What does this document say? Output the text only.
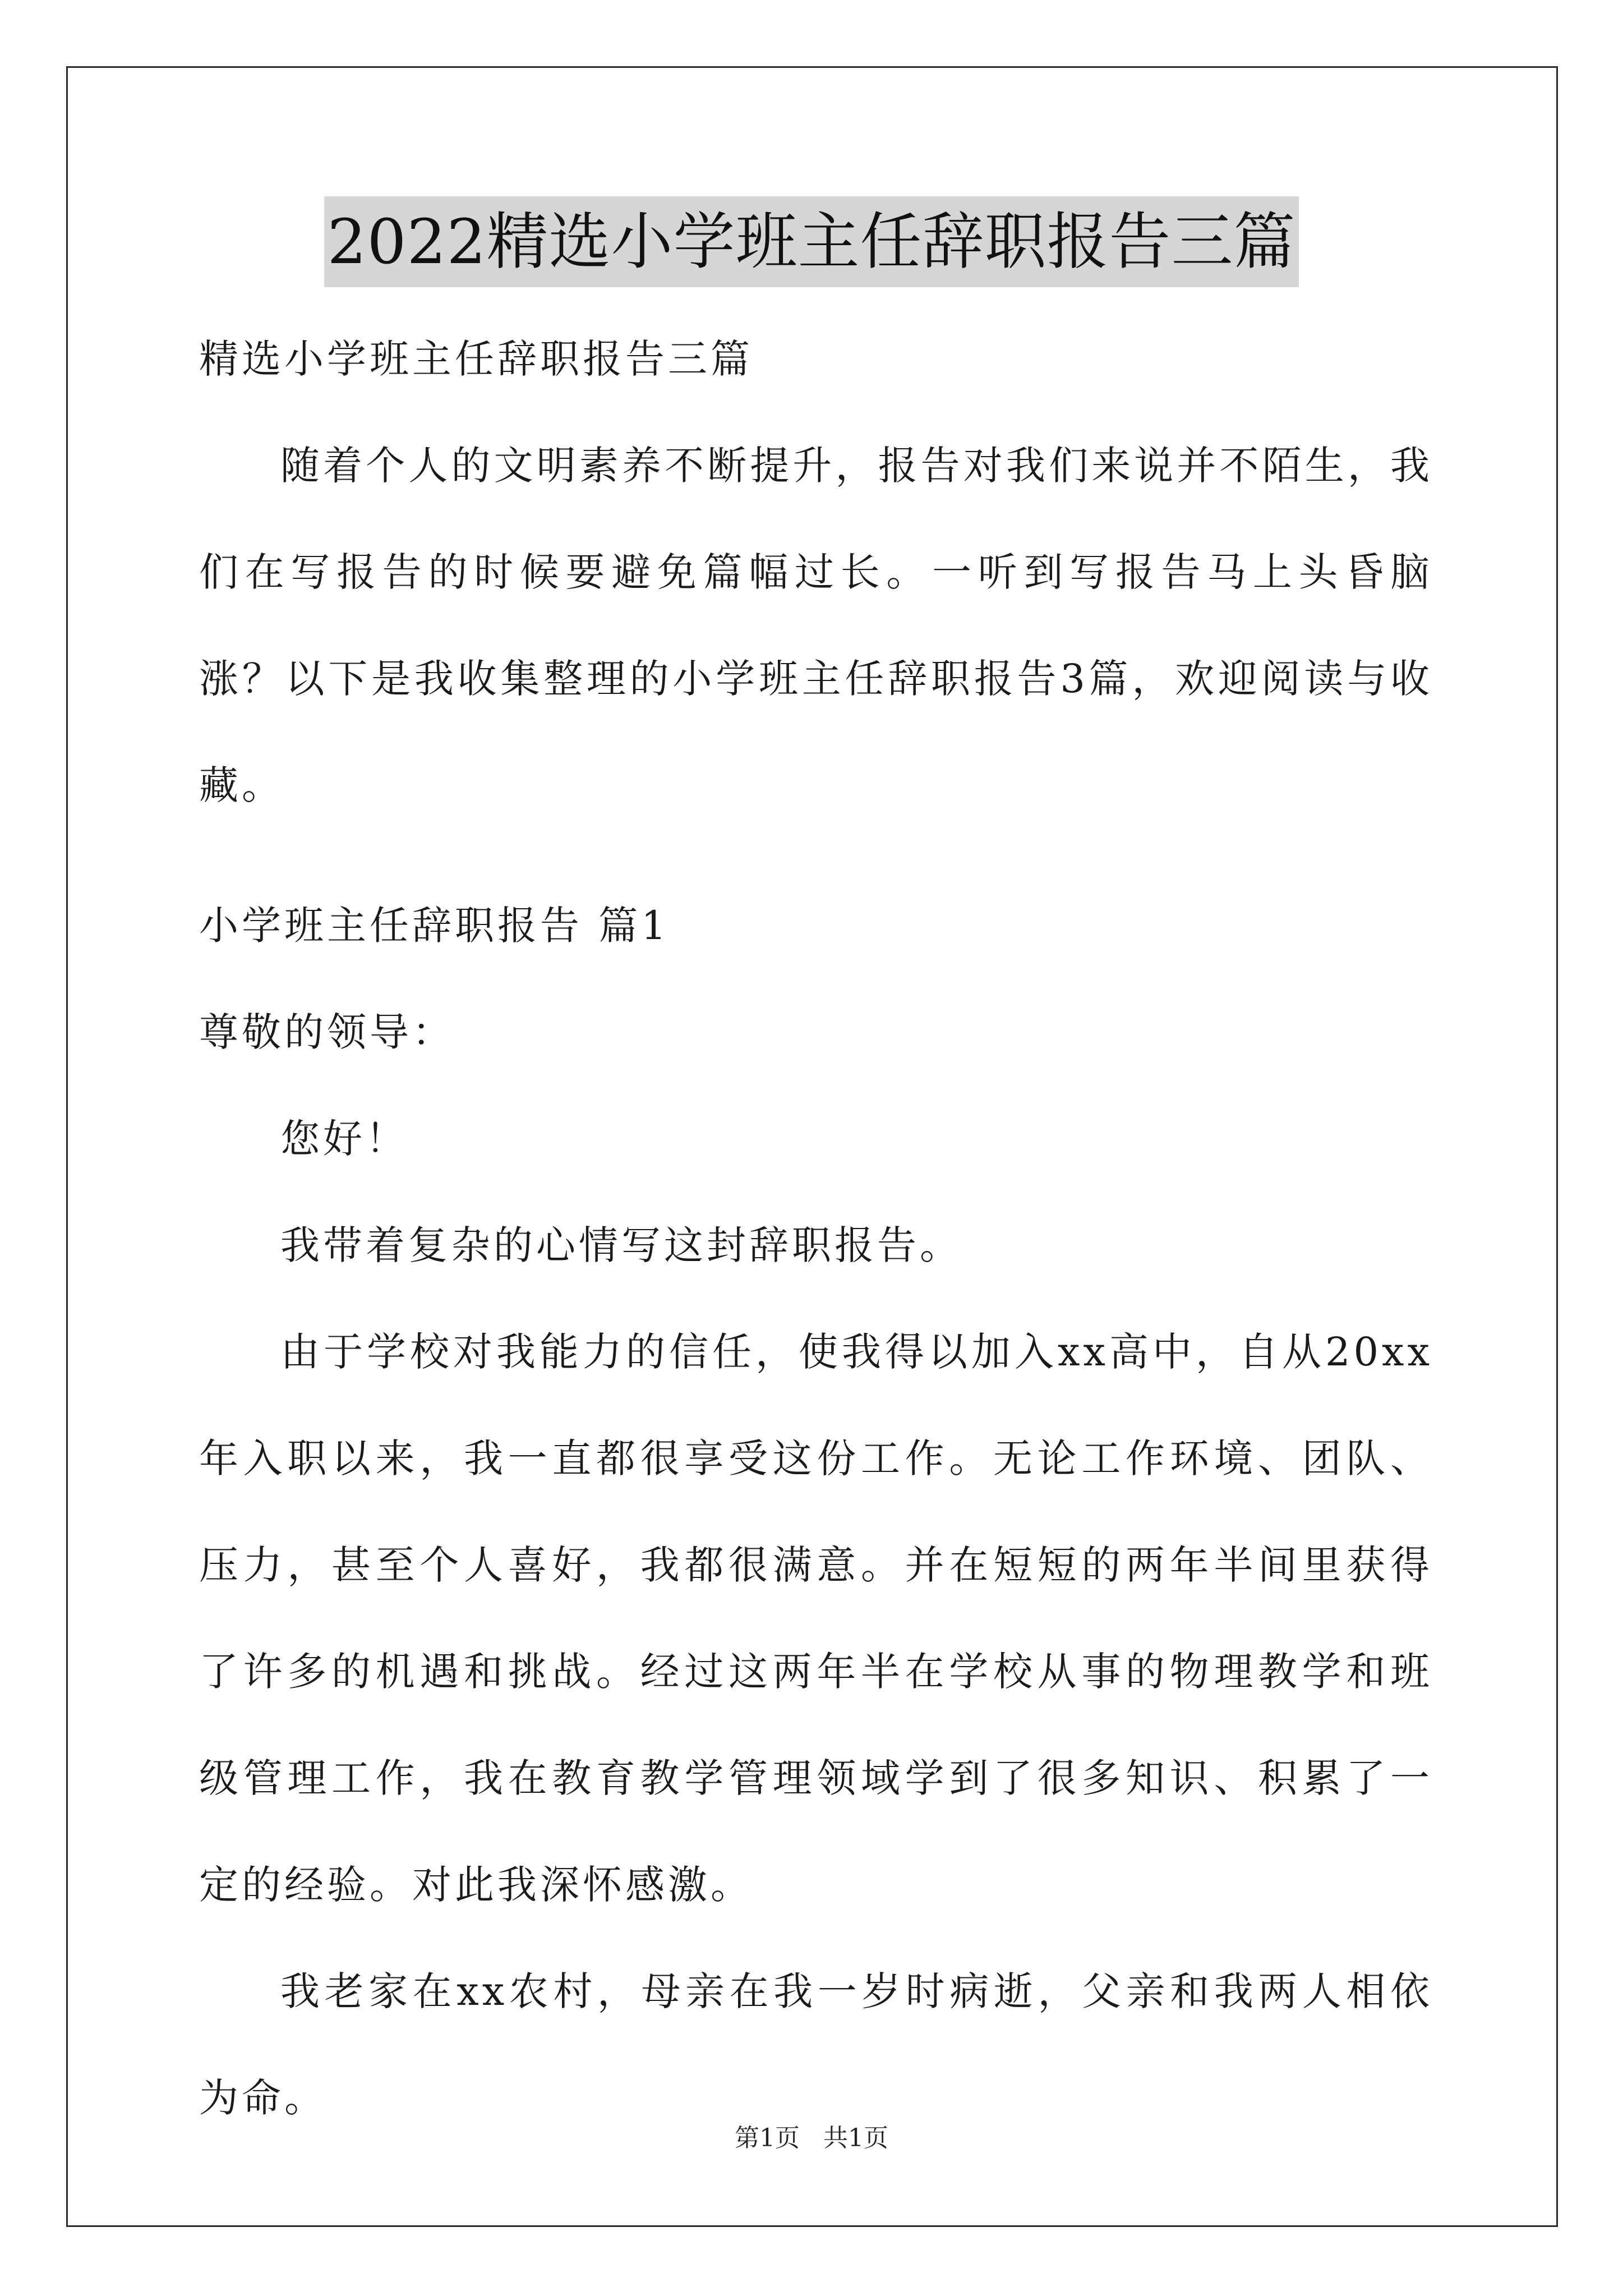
2022精选小学班主任辞职报告三篇

精选小学班主任辞职报告三篇

随着个人的文明素养不断提升，报告对我们来说并不陌生，我们在写报告的时候要避免篇幅过长。一听到写报告马上头昏脑涨？以下是我收集整理的小学班主任辞职报告3篇，欢迎阅读与收藏。

小学班主任辞职报告 篇1

尊敬的领导：

您好！

我带着复杂的心情写这封辞职报告。

由于学校对我能力的信任，使我得以加入xx高中，自从20xx年入职以来，我一直都很享受这份工作。无论工作环境、团队、压力，甚至个人喜好，我都很满意。并在短短的两年半间里获得了许多的机遇和挑战。经过这两年半在学校从事的物理教学和班级管理工作，我在教育教学管理领域学到了很多知识、积累了一定的经验。对此我深怀感激。

我老家在xx农村，母亲在我一岁时病逝，父亲和我两人相依为命。

第1页 共1页
